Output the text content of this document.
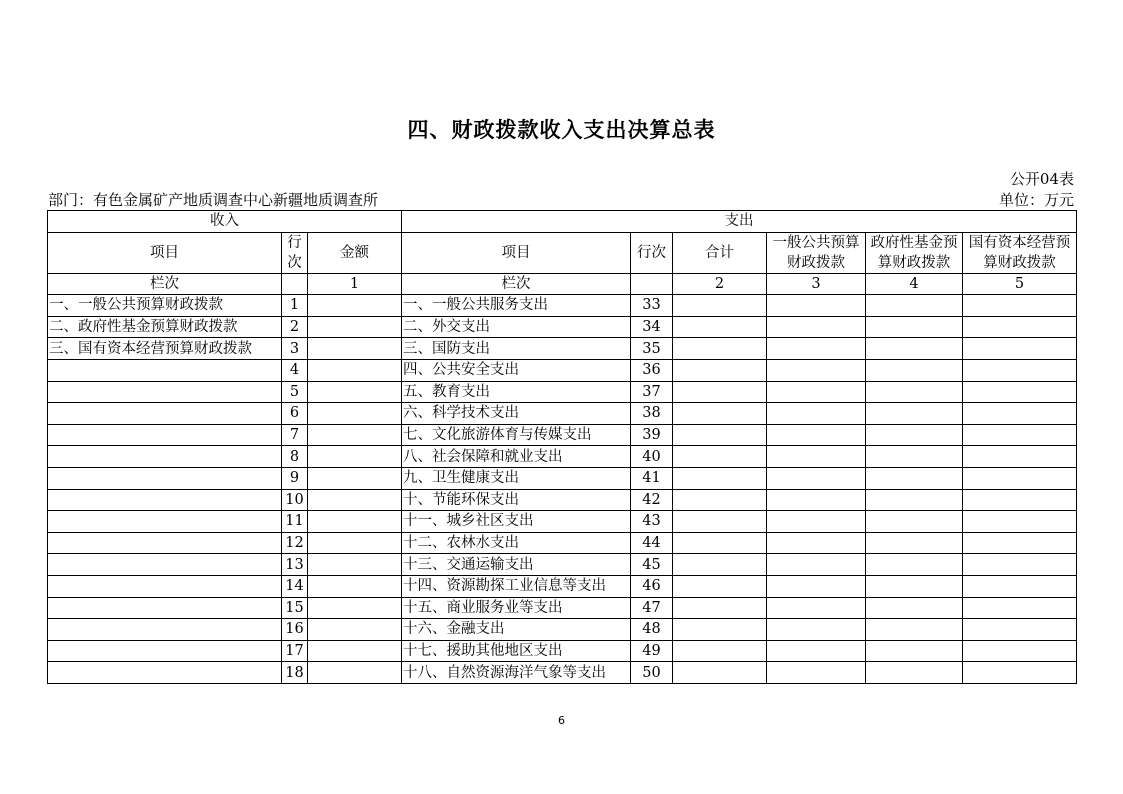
四、财政拨款收入支出决算总表
公开04表
部门：有色金属矿产地质调查中心新疆地质调查所	单位：万元
收入			支出					
项目	行次	金额	项目	行次	合计	一般公共预算财政拨款	政府性基金预算财政拨款	国有资本经营预算财政拨款
栏次		1	栏次		2	3	4	5
一、一般公共预算财政拨款	1		一、一般公共服务支出	33				
二、政府性基金预算财政拨款	2		二、外交支出	34				
三、国有资本经营预算财政拨款	3		三、国防支出	35				
	4		四、公共安全支出	36				
	5		五、教育支出	37				
	6		六、科学技术支出	38				
	7		七、文化旅游体育与传媒支出	39				
	8		八、社会保障和就业支出	40				
	9		九、卫生健康支出	41				
	10		十、节能环保支出	42				
	11		十一、城乡社区支出	43				
	12		十二、农林水支出	44				
	13		十三、交通运输支出	45				
	14		十四、资源勘探工业信息等支出	46				
	15		十五、商业服务业等支出	47				
	16		十六、金融支出	48				
	17		十七、援助其他地区支出	49				
	18		十八、自然资源海洋气象等支出	50				
6
